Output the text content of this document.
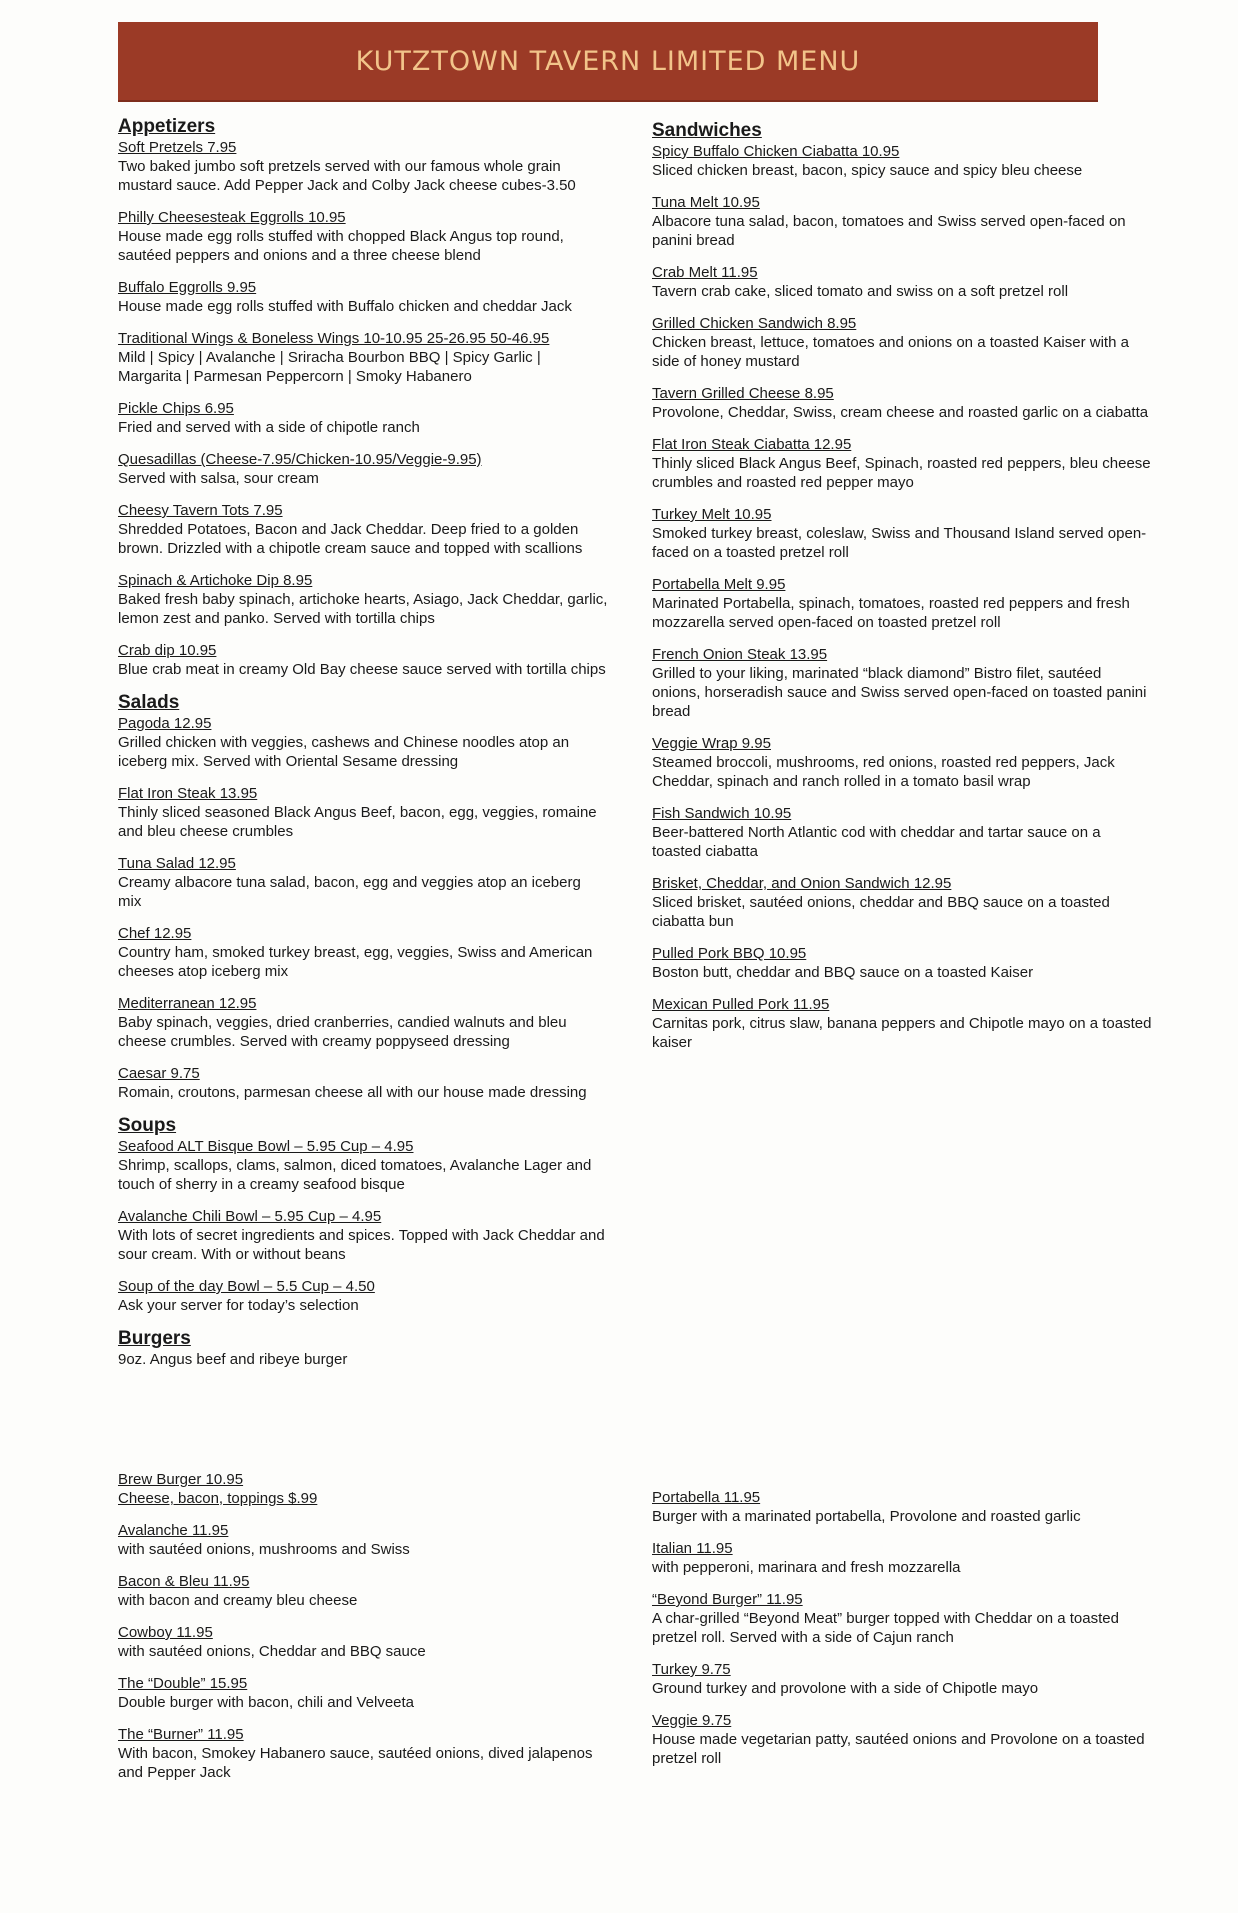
KUTZTOWN TAVERN LIMITED MENU
Appetizers
Soft Pretzels 7.95
Two baked jumbo soft pretzels served with our famous whole grain mustard sauce. Add Pepper Jack and Colby Jack cheese cubes-3.50
Philly Cheesesteak Eggrolls 10.95
House made egg rolls stuffed with chopped Black Angus top round, sautéed peppers and onions and a three cheese blend
Buffalo Eggrolls 9.95
House made egg rolls stuffed with Buffalo chicken and cheddar Jack
Traditional Wings & Boneless Wings 10-10.95 25-26.95 50-46.95
Mild | Spicy | Avalanche | Sriracha Bourbon BBQ | Spicy Garlic | Margarita | Parmesan Peppercorn | Smoky Habanero
Pickle Chips 6.95
Fried and served with a side of chipotle ranch
Quesadillas (Cheese-7.95/Chicken-10.95/Veggie-9.95)
Served with salsa, sour cream
Cheesy Tavern Tots 7.95
Shredded Potatoes, Bacon and Jack Cheddar. Deep fried to a golden brown. Drizzled with a chipotle cream sauce and topped with scallions
Spinach & Artichoke Dip 8.95
Baked fresh baby spinach, artichoke hearts, Asiago, Jack Cheddar, garlic, lemon zest and panko. Served with tortilla chips
Crab dip 10.95
Blue crab meat in creamy Old Bay cheese sauce served with tortilla chips
Salads
Pagoda 12.95
Grilled chicken with veggies, cashews and Chinese noodles atop an iceberg mix. Served with Oriental Sesame dressing
Flat Iron Steak 13.95
Thinly sliced seasoned Black Angus Beef, bacon, egg, veggies, romaine and bleu cheese crumbles
Tuna Salad 12.95
Creamy albacore tuna salad, bacon, egg and veggies atop an iceberg mix
Chef 12.95
Country ham, smoked turkey breast, egg, veggies, Swiss and American cheeses atop iceberg mix
Mediterranean 12.95
Baby spinach, veggies, dried cranberries, candied walnuts and bleu cheese crumbles. Served with creamy poppyseed dressing
Caesar 9.75
Romain, croutons, parmesan cheese all with our house made dressing
Soups
Seafood ALT Bisque Bowl – 5.95 Cup – 4.95
Shrimp, scallops, clams, salmon, diced tomatoes, Avalanche Lager and touch of sherry in a creamy seafood bisque
Avalanche Chili Bowl – 5.95 Cup – 4.95
With lots of secret ingredients and spices. Topped with Jack Cheddar and sour cream. With or without beans
Soup of the day Bowl – 5.5 Cup – 4.50
Ask your server for today’s selection
Burgers

9oz. Angus beef and ribeye burger

Brew Burger 10.95
Cheese, bacon, toppings $.99
Avalanche 11.95
with sautéed onions, mushrooms and Swiss
Bacon & Bleu 11.95
with bacon and creamy bleu cheese
Cowboy 11.95
with sautéed onions, Cheddar and BBQ sauce
The “Double” 15.95
Double burger with bacon, chili and Velveeta
The “Burner” 11.95
With bacon, Smokey Habanero sauce, sautéed onions, dived jalapenos and Pepper Jack
Sandwiches
Spicy Buffalo Chicken Ciabatta 10.95
Sliced chicken breast, bacon, spicy sauce and spicy bleu cheese
Tuna Melt 10.95
Albacore tuna salad, bacon, tomatoes and Swiss served open-faced on panini bread
Crab Melt 11.95
Tavern crab cake, sliced tomato and swiss on a soft pretzel roll
Grilled Chicken Sandwich 8.95
Chicken breast, lettuce, tomatoes and onions on a toasted Kaiser with a side of honey mustard
Tavern Grilled Cheese 8.95
Provolone, Cheddar, Swiss, cream cheese and roasted garlic on a ciabatta
Flat Iron Steak Ciabatta 12.95
Thinly sliced Black Angus Beef, Spinach, roasted red peppers, bleu cheese crumbles and roasted red pepper mayo
Turkey Melt 10.95
Smoked turkey breast, coleslaw, Swiss and Thousand Island served open-faced on a toasted pretzel roll
Portabella Melt 9.95
Marinated Portabella, spinach, tomatoes, roasted red peppers and fresh mozzarella served open-faced on toasted pretzel roll
French Onion Steak 13.95
Grilled to your liking, marinated “black diamond” Bistro filet, sautéed onions, horseradish sauce and Swiss served open-faced on toasted panini bread
Veggie Wrap 9.95
Steamed broccoli, mushrooms, red onions, roasted red peppers, Jack Cheddar, spinach and ranch rolled in a tomato basil wrap
Fish Sandwich 10.95
Beer-battered North Atlantic cod with cheddar and tartar sauce on a toasted ciabatta
Brisket, Cheddar, and Onion Sandwich 12.95
Sliced brisket, sautéed onions, cheddar and BBQ sauce on a toasted ciabatta bun
Pulled Pork BBQ 10.95
Boston butt, cheddar and BBQ sauce on a toasted Kaiser
Mexican Pulled Pork 11.95
Carnitas pork, citrus slaw, banana peppers and Chipotle mayo on a toasted kaiser
Portabella 11.95
Burger with a marinated portabella, Provolone and roasted garlic
Italian 11.95
with pepperoni, marinara and fresh mozzarella
“Beyond Burger” 11.95
A char-grilled “Beyond Meat” burger topped with Cheddar on a toasted pretzel roll. Served with a side of Cajun ranch
Turkey 9.75
Ground turkey and provolone with a side of Chipotle mayo
Veggie 9.75
House made vegetarian patty, sautéed onions and Provolone on a toasted pretzel roll
